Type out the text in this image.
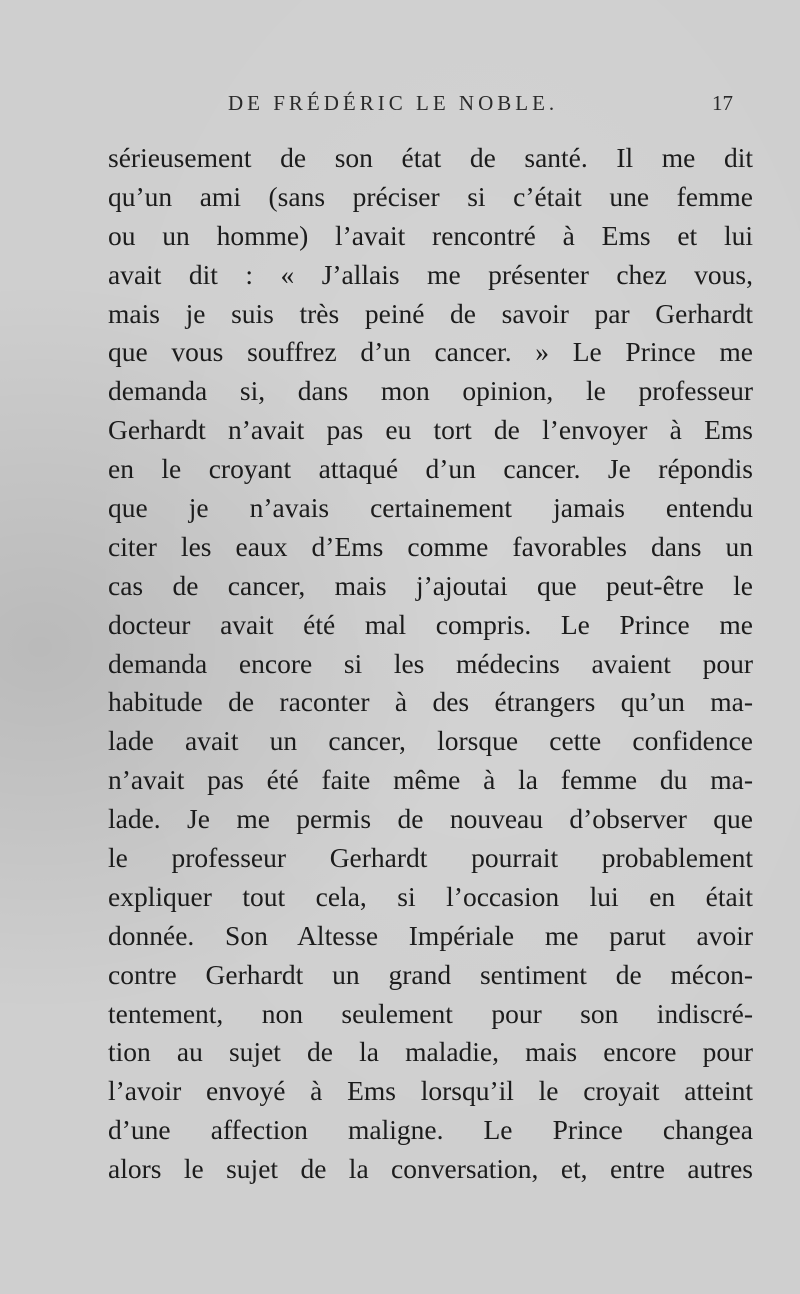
DE FRÉDÉRIC LE NOBLE.	17
sérieusement de son état de santé. Il me dit
qu’un ami (sans préciser si c’était une femme
ou un homme) l’avait rencontré à Ems et lui
avait dit : « J’allais me présenter chez vous,
mais je suis très peiné de savoir par Gerhardt
que vous souffrez d’un cancer. » Le Prince me
demanda si, dans mon opinion, le professeur
Gerhardt n’avait pas eu tort de l’envoyer à Ems
en le croyant attaqué d’un cancer. Je répondis
que je n’avais certainement jamais entendu
citer les eaux d’Ems comme favorables dans un
cas de cancer, mais j’ajoutai que peut-être le
docteur avait été mal compris. Le Prince me
demanda encore si les médecins avaient pour
habitude de raconter à des étrangers qu’un ma-
lade avait un cancer, lorsque cette confidence
n’avait pas été faite même à la femme du ma-
lade. Je me permis de nouveau d’observer que
le professeur Gerhardt pourrait probablement
expliquer tout cela, si l’occasion lui en était
donnée. Son Altesse Impériale me parut avoir
contre Gerhardt un grand sentiment de mécon-
tentement, non seulement pour son indiscré-
tion au sujet de la maladie, mais encore pour
l’avoir envoyé à Ems lorsqu’il le croyait atteint
d’une affection maligne. Le Prince changea
alors le sujet de la conversation, et, entre autres
